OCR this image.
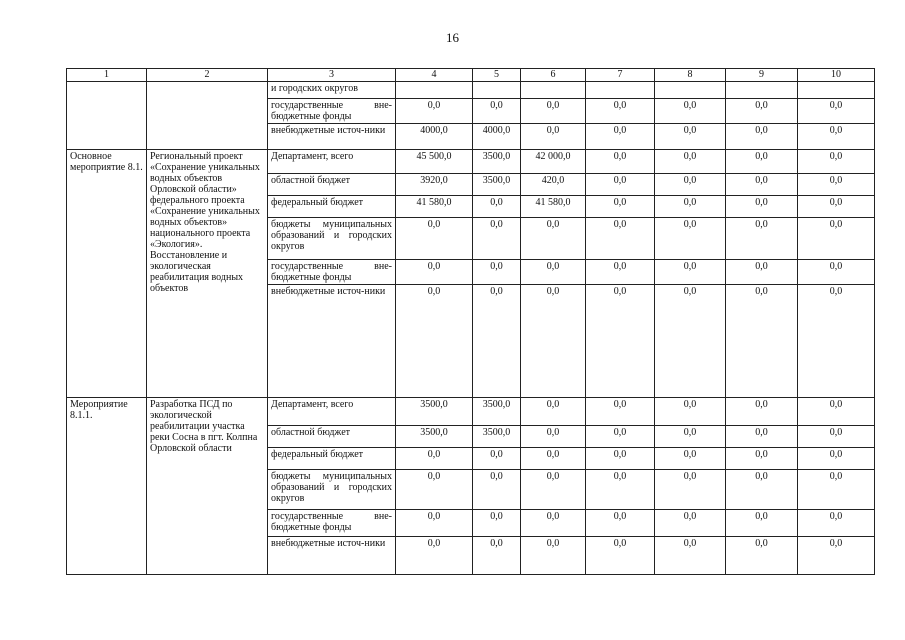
16
1	2	3	4	5	6	7	8	9	10
		и городских округов							
		государственные вне-бюджетные фонды	0,0	0,0	0,0	0,0	0,0	0,0	0,0
		внебюджетные источ-ники	4000,0	4000,0	0,0	0,0	0,0	0,0	0,0
Основное мероприятие 8.1.	Региональный проект «Сохранение уникальных водных объектов Орловской области» федерального проекта «Сохранение уникальных водных объектов» национального проекта «Экология». Восстановление и экологическая реабилитация водных объектов	Департамент, всего	45 500,0	3500,0	42 000,0	0,0	0,0	0,0	0,0
		областной бюджет	3920,0	3500,0	420,0	0,0	0,0	0,0	0,0
		федеральный бюджет	41 580,0	0,0	41 580,0	0,0	0,0	0,0	0,0
		бюджеты муниципальных образований и городских округов	0,0	0,0	0,0	0,0	0,0	0,0	0,0
		государственные вне-бюджетные фонды	0,0	0,0	0,0	0,0	0,0	0,0	0,0
		внебюджетные источ-ники	0,0	0,0	0,0	0,0	0,0	0,0	0,0
Мероприятие 8.1.1.	Разработка ПСД по экологической реабилитации участка реки Сосна в пгт. Колпна Орловской области	Департамент, всего	3500,0	3500,0	0,0	0,0	0,0	0,0	0,0
		областной бюджет	3500,0	3500,0	0,0	0,0	0,0	0,0	0,0
		федеральный бюджет	0,0	0,0	0,0	0,0	0,0	0,0	0,0
		бюджеты муниципальных образований и городских округов	0,0	0,0	0,0	0,0	0,0	0,0	0,0
		государственные вне-бюджетные фонды	0,0	0,0	0,0	0,0	0,0	0,0	0,0
		внебюджетные источ-ники	0,0	0,0	0,0	0,0	0,0	0,0	0,0
